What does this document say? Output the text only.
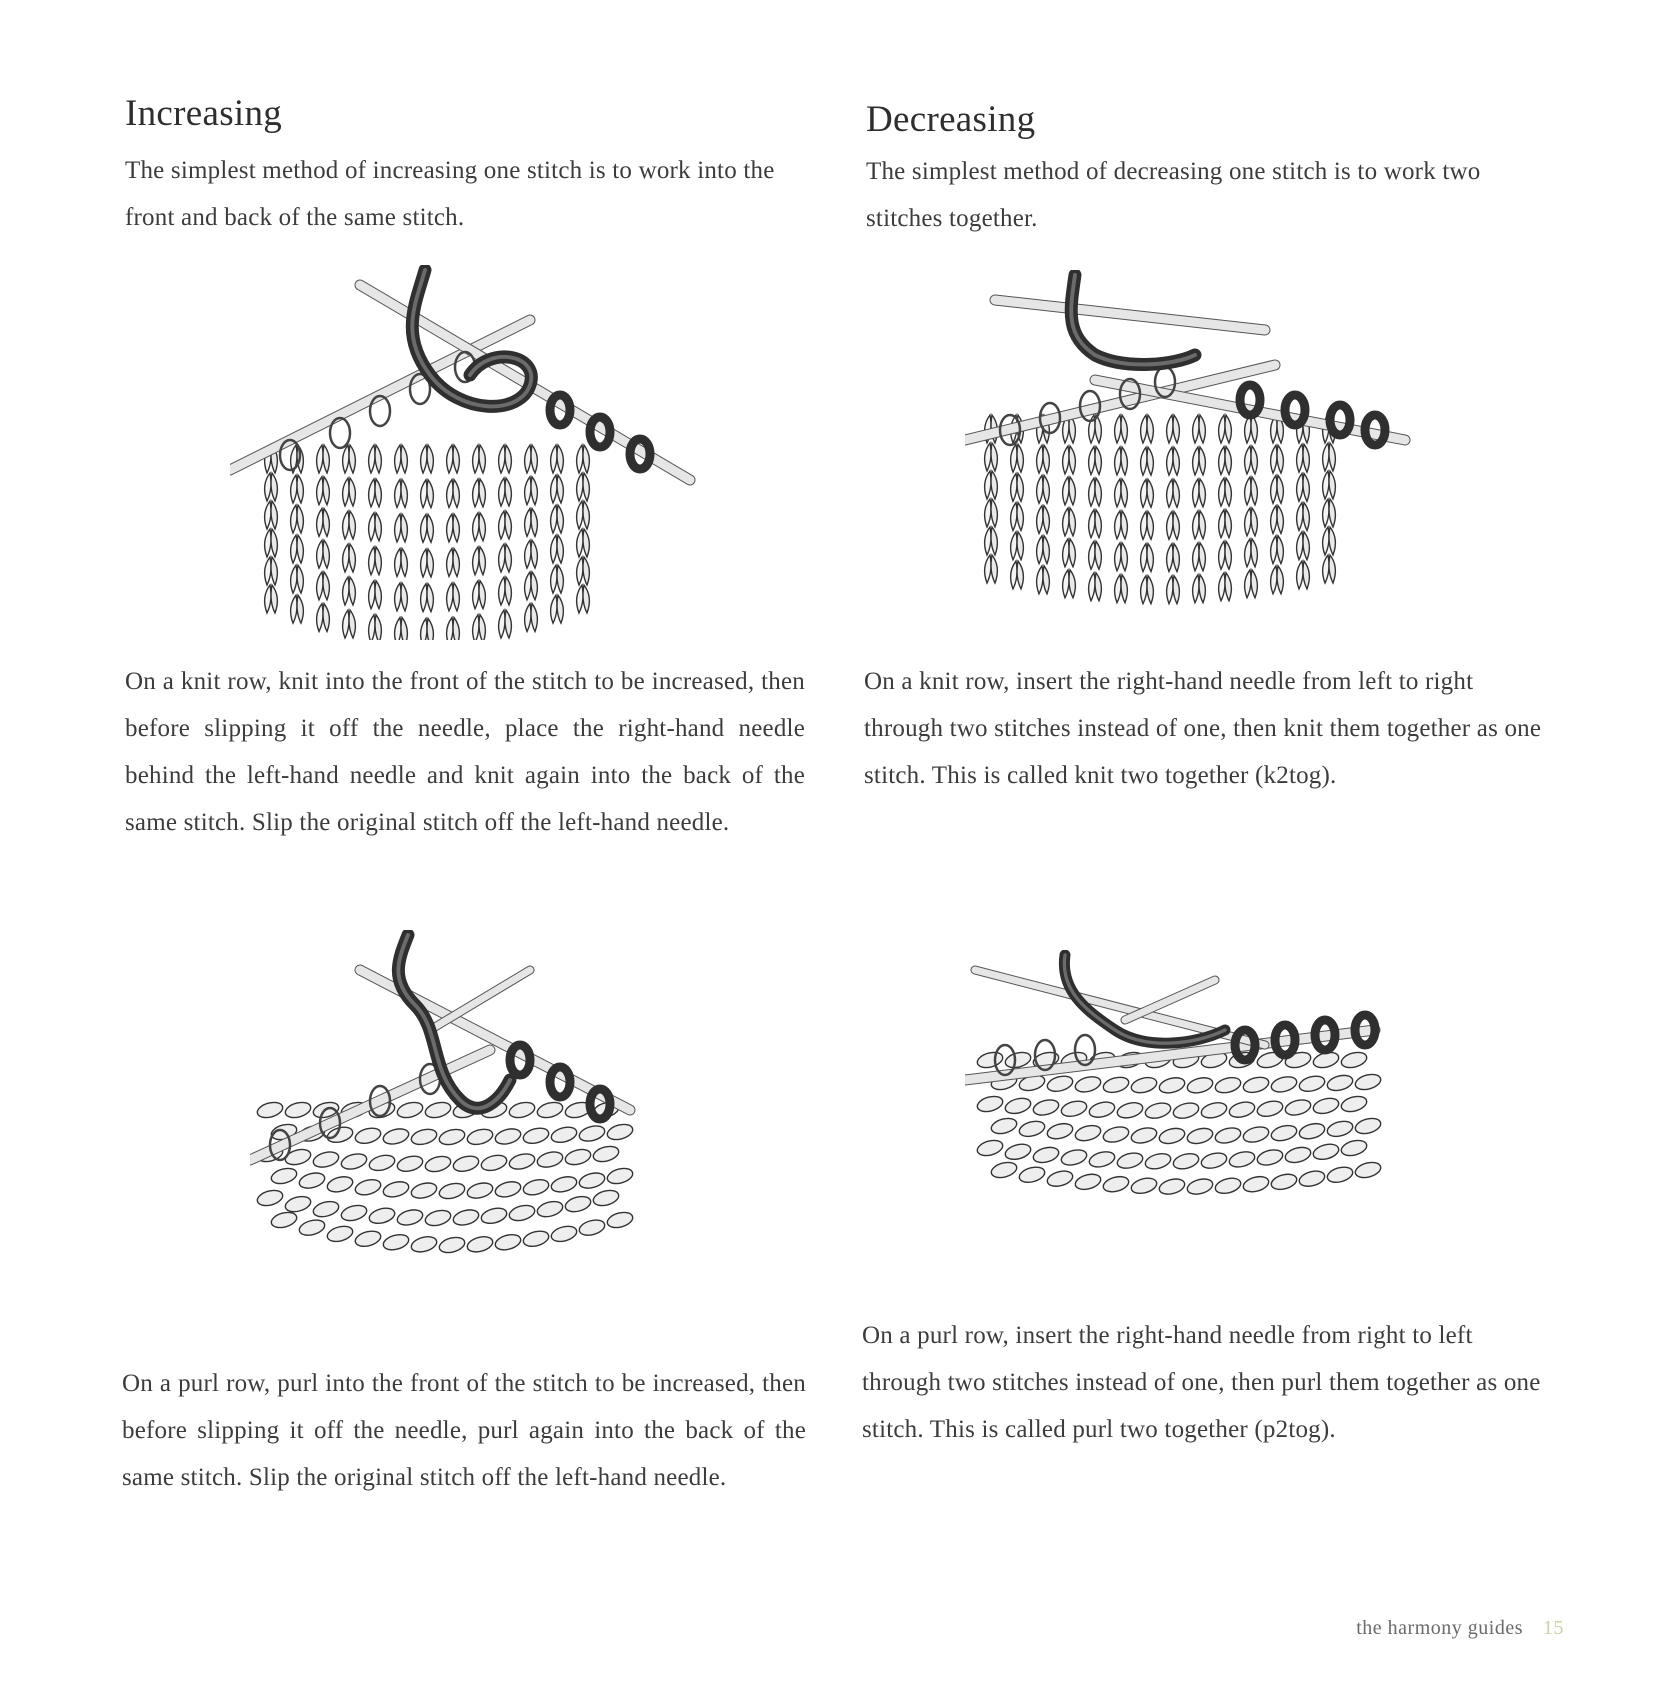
Increasing

The simplest method of increasing one stitch is to work into the front and back of the same stitch.

On a knit row, knit into the front of the stitch to be increased, then before slipping it off the needle, place the right-hand needle behind the left-hand needle and knit again into the back of the same stitch. Slip the original stitch off the left-hand needle.

On a purl row, purl into the front of the stitch to be increased, then before slipping it off the needle, purl again into the back of the same stitch. Slip the original stitch off the left-hand needle.

Decreasing

The simplest method of decreasing one stitch is to work two stitches together.

On a knit row, insert the right-hand needle from left to right through two stitches instead of one, then knit them together as one stitch. This is called knit two together (k2tog).

On a purl row, insert the right-hand needle from right to left through two stitches instead of one, then purl them together as one stitch. This is called purl two together (p2tog).

the harmony guides 15
